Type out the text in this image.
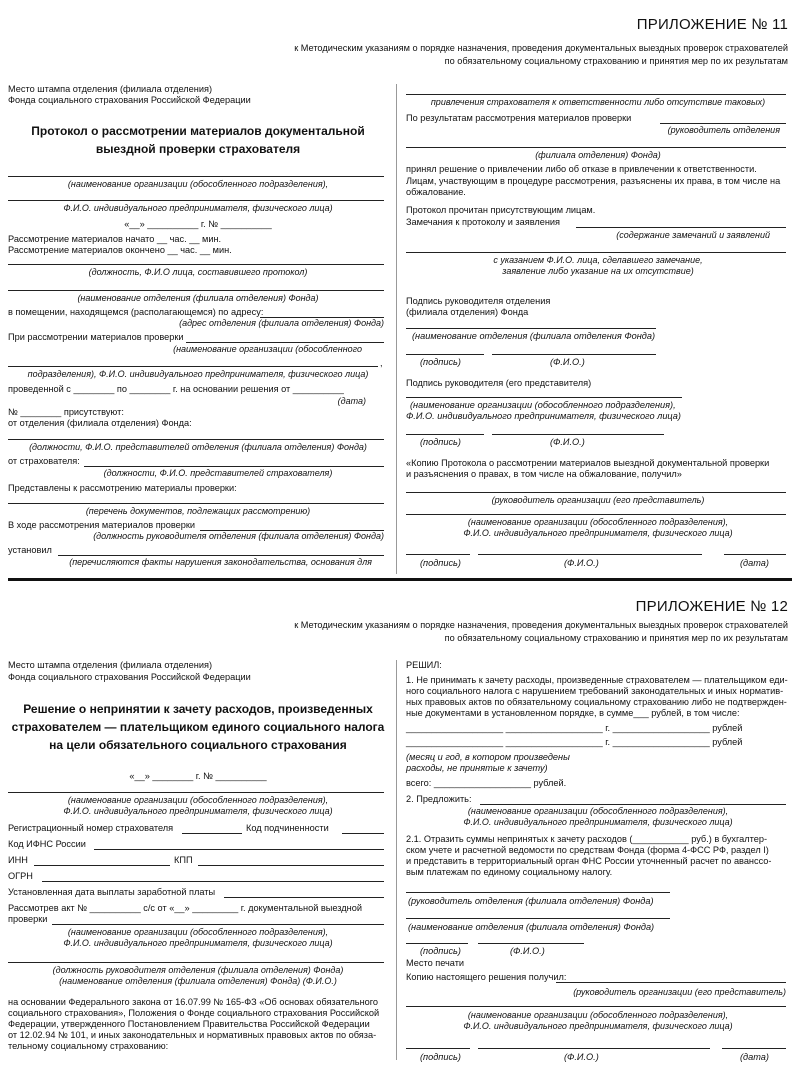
ПРИЛОЖЕНИЕ № 11
к Методическим указаниям о порядке назначения, проведения документальных выездных проверок страхователей
по обязательному социальному страхованию и принятия мер по их результатам
Место штампа отделения (филиала отделения)
Фонда социального страхования Российской Федерации
Протокол о рассмотрении материалов документальной
выездной проверки страхователя
(наименование организации (обособленного подразделения),
Ф.И.О. индивидуального предпринимателя, физического лица)
«__» __________ г. № __________
Рассмотрение материалов начато __ час. __ мин.
Рассмотрение материалов окончено __ час. __ мин.
(должность, Ф.И.О лица, составившего протокол)
(наименование отделения (филиала отделения) Фонда)
в помещении, находящемся (располагающемся) по адресу:
(адрес отделения (филиала отделения) Фонда)
При рассмотрении материалов проверки
(наименование организации (обособленного
,
подразделения), Ф.И.О. индивидуального предпринимателя, физического лица)
проведенной с ________ по ________ г. на основании решения от __________
(дата)
№ ________ присутствуют:
от отделения (филиала отделения) Фонда:
(должности, Ф.И.О. представителей отделения (филиала отделения) Фонда)
от страхователя:
(должности, Ф.И.О. представителей страхователя)
Представлены к рассмотрению материалы проверки:
(перечень документов, подлежащих рассмотрению)
В ходе рассмотрения материалов проверки
(должность руководителя отделения (филиала отделения) Фонда)
установил
(перечисляются факты нарушения законодательства, основания для
привлечения страхователя к ответственности либо отсутствие таковых)
По результатам рассмотрения материалов проверки
(руководитель отделения
(филиала отделения) Фонда)
принял решение о привлечении либо об отказе в привлечении к ответственности.
Лицам, участвующим в процедуре рассмотрения, разъяснены их права, в том числе на
обжалование.
Протокол прочитан присутствующим лицам.
Замечания к протоколу и заявления
(содержание замечаний и заявлений
с указанием Ф.И.О. лица, сделавшего замечание,
заявление либо указание на их отсутствие)
Подпись руководителя отделения
(филиала отделения) Фонда
(наименование отделения (филиала отделения Фонда)
(подпись)	(Ф.И.О.)
Подпись руководителя (его представителя)
(наименование организации (обособленного подразделения),
Ф.И.О. индивидуального предпринимателя, физического лица)
(подпись)	(Ф.И.О.)
«Копию Протокола о рассмотрении материалов выездной документальной проверки
и разъяснения о правах, в том числе на обжалование, получил»
(руководитель организации (его представитель)
(наименование организации (обособленного подразделения),
Ф.И.О. индивидуального предпринимателя, физического лица)
(подпись)	(Ф.И.О.)	(дата)
ПРИЛОЖЕНИЕ № 12
к Методическим указаниям о порядке назначения, проведения документальных выездных проверок страхователей
по обязательному социальному страхованию и принятия мер по их результатам
Место штампа отделения (филиала отделения)
Фонда социального страхования Российской Федерации
Решение о непринятии к зачету расходов, произведенных
страхователем — плательщиком единого социального налога
на цели обязательного социального страхования
«__» ________ г. № __________
(наименование организации (обособленного подразделения),
Ф.И.О. индивидуального предпринимателя, физического лица)
Регистрационный номер страхователя	Код подчиненности
Код ИФНС России
ИНН	КПП
ОГРН
Установленная дата выплаты заработной платы
Рассмотрев акт № __________ с/с от «__» _________ г. документальной выездной
проверки
(наименование организации (обособленного подразделения),
Ф.И.О. индивидуального предпринимателя, физического лица)
(должность руководителя отделения (филиала отделения) Фонда)
(наименование отделения (филиала отделения) Фонда) (Ф.И.О.)
на основании Федерального закона от 16.07.99 № 165-ФЗ «Об основах обязательного
социального страхования», Положения о Фонде социального страхования Российской
Федерации, утвержденного Постановлением Правительства Российской Федерации
от 12.02.94 № 101, и иных законодательных и нормативных правовых актов по обяза-
тельному социальному страхованию:
РЕШИЛ:
1. Не принимать к зачету расходы, произведенные страхователем — плательщиком еди-
ного социального налога с нарушением требований законодательных и иных норматив-
ных правовых актов по обязательному социальному страхованию либо не подтвержден-
ные документами в установленном порядке, в сумме___ рублей, в том числе:
___________________ ___________________ г. ___________________ рублей
___________________ ___________________ г. ___________________ рублей
(месяц и год, в котором произведены
расходы, не принятые к зачету)
всего: ___________________ рублей.
2. Предложить:
(наименование организации (обособленного подразделения),
Ф.И.О. индивидуального предпринимателя, физического лица)
2.1. Отразить суммы непринятых к зачету расходов (___________ руб.) в бухгалтер-
ском учете и расчетной ведомости по средствам Фонда (форма 4-ФСС РФ, раздел I)
и представить в территориальный орган ФНС России уточненный расчет по аванссо-
вым платежам по единому социальному налогу.
(руководитель отделения (филиала отделения) Фонда)
(наименование отделения (филиала отделения) Фонда)
(подпись)	(Ф.И.О.)
Место печати
Копию настоящего решения получил:
(руководитель организации (его представитель)
(наименование организации (обособленного подразделения),
Ф.И.О. индивидуального предпринимателя, физического лица)
(подпись)	(Ф.И.О.)	(дата)
